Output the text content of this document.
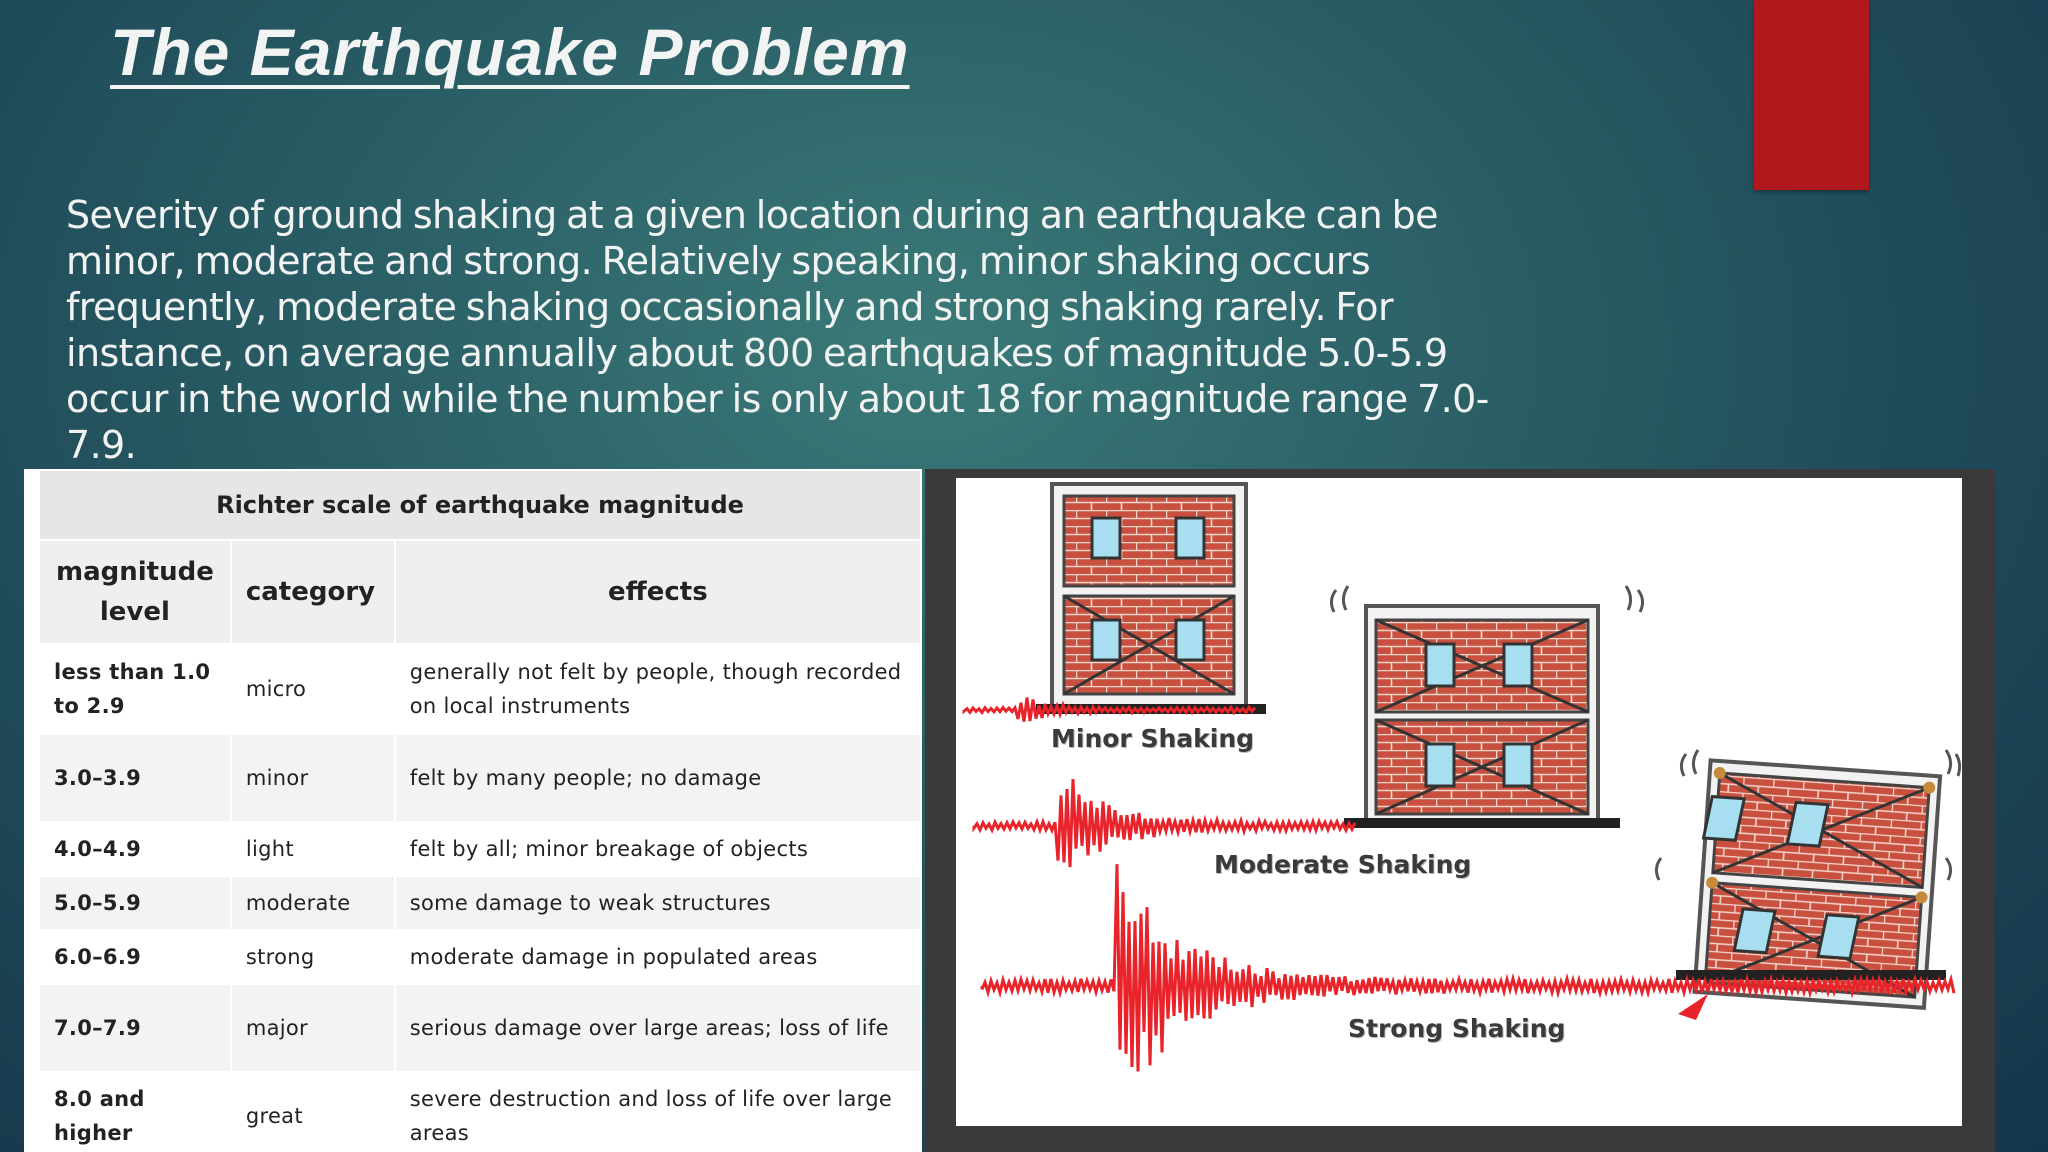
The Earthquake Problem
Severity of ground shaking at a given location during an earthquake can be minor, moderate and strong. Relatively speaking, minor shaking occurs frequently, moderate shaking occasionally and strong shaking rarely. For instance, on average annually about 800 earthquakes of magnitude 5.0-5.9 occur in the world while the number is only about 18 for magnitude range 7.0-7.9.
Richter scale of earthquake magnitude		
magnitude level	category	effects
less than 1.0 to 2.9	micro	generally not felt by people, though recorded on local instruments
3.0–3.9	minor	felt by many people; no damage
4.0–4.9	light	felt by all; minor breakage of objects
5.0–5.9	moderate	some damage to weak structures
6.0–6.9	strong	moderate damage in populated areas
7.0–7.9	major	serious damage over large areas; loss of life
8.0 and higher	great	severe destruction and loss of life over large areas
Minor Shaking
Moderate Shaking
Strong Shaking
